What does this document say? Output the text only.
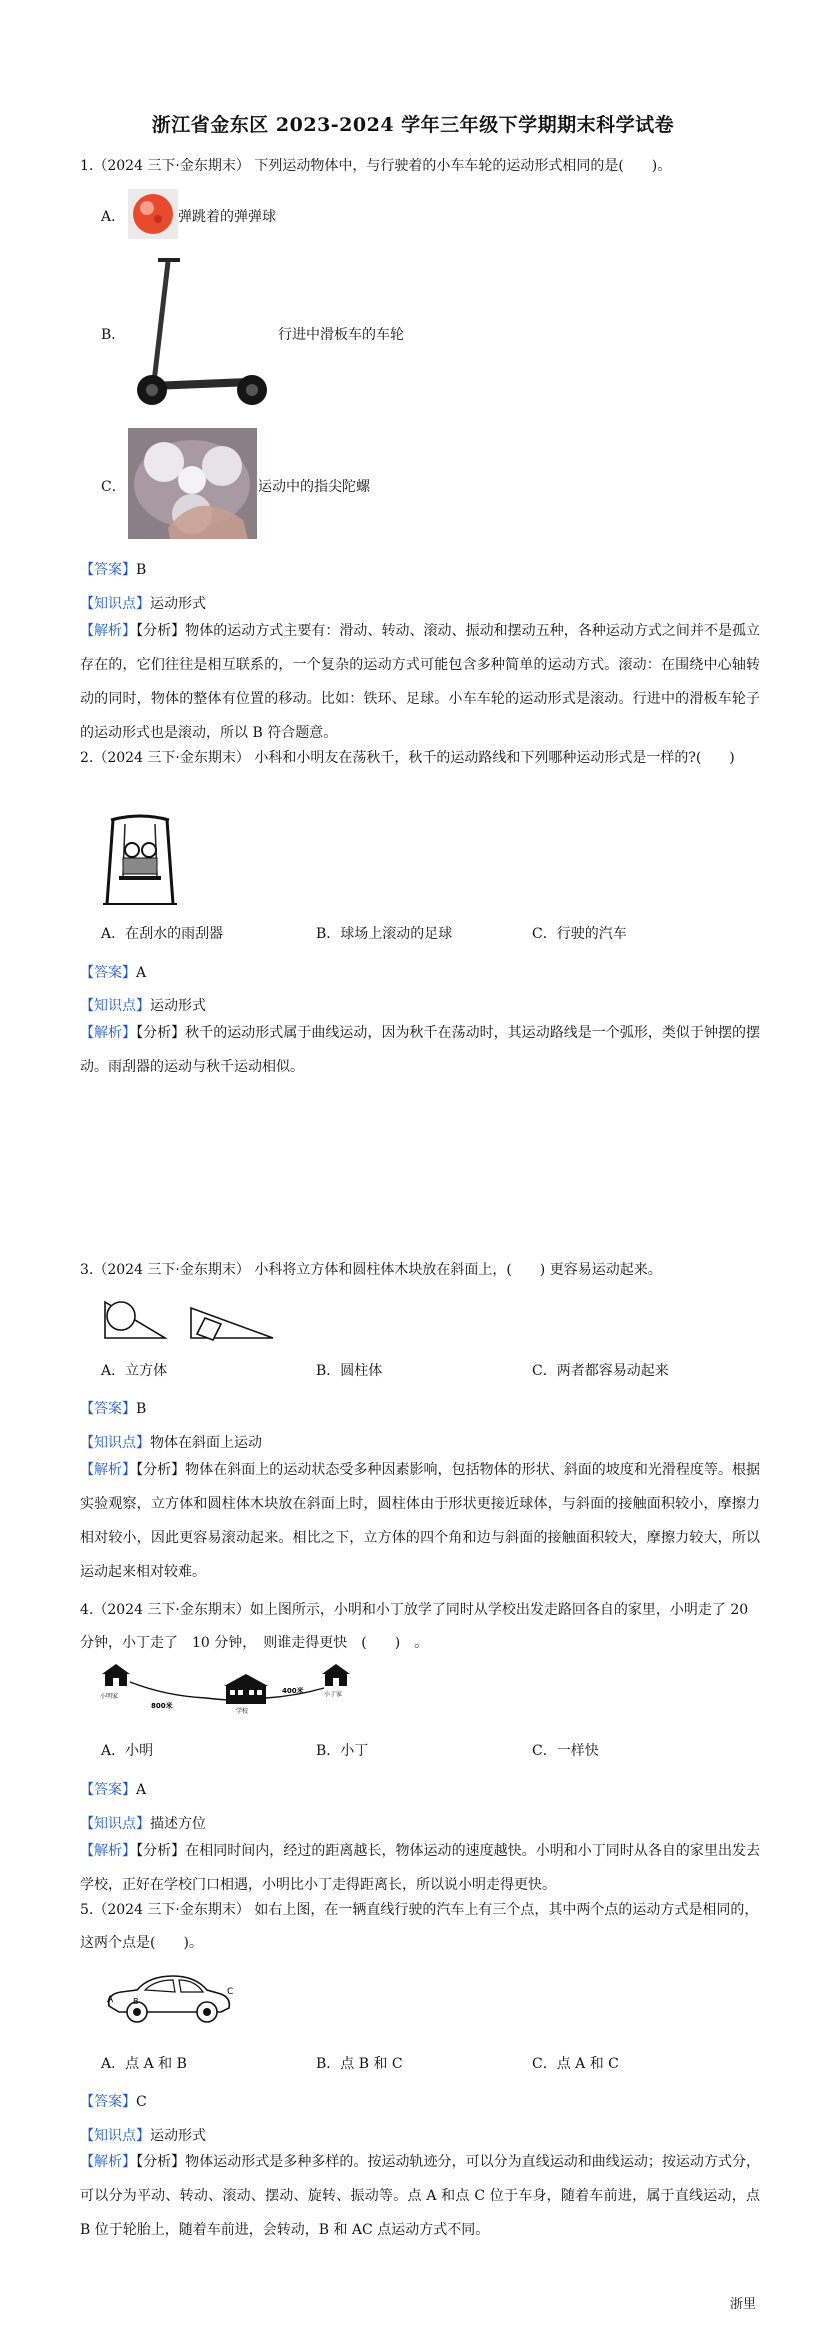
浙江省金东区 2023-2024 学年三年级下学期期末科学试卷
1.（2024 三下·金东期末） 下列运动物体中，与行驶着的小车车轮的运动形式相同的是(　　)。
A．	弹跳着的弹弹球
B．	行进中滑板车的车轮
C．	运动中的指尖陀螺
【答案】B
【知识点】运动形式
【解析】【分析】物体的运动方式主要有：滑动、转动、滚动、振动和摆动五种，各种运动方式之间并不是孤立存在的，它们往往是相互联系的，一个复杂的运动方式可能包含多种简单的运动方式。滚动：在围绕中心轴转动的同时，物体的整体有位置的移动。比如：铁环、足球。小车车轮的运动形式是滚动。行进中的滑板车轮子的运动形式也是滚动，所以 B 符合题意。
2.（2024 三下·金东期末） 小科和小明友在荡秋千，秋千的运动路线和下列哪种运动形式是一样的?(　　)
A．在刮水的雨刮器	B．球场上滚动的足球	C．行驶的汽车
【答案】A
【知识点】运动形式
【解析】【分析】秋千的运动形式属于曲线运动，因为秋千在荡动时，其运动路线是一个弧形，类似于钟摆的摆动。雨刮器的运动与秋千运动相似。
3.（2024 三下·金东期末） 小科将立方体和圆柱体木块放在斜面上，(　　) 更容易运动起来。
A．立方体	B．圆柱体	C．两者都容易动起来
【答案】B
【知识点】物体在斜面上运动
【解析】【分析】物体在斜面上的运动状态受多种因素影响，包括物体的形状、斜面的坡度和光滑程度等。根据实验观察，立方体和圆柱体木块放在斜面上时，圆柱体由于形状更接近球体，与斜面的接触面积较小，摩擦力相对较小，因此更容易滚动起来。相比之下，立方体的四个角和边与斜面的接触面积较大，摩擦力较大，所以运动起来相对较难。
4.（2024 三下·金东期末）如上图所示，小明和小丁放学了同时从学校出发走路回各自的家里，小明走了 20 分钟，小丁走了　10 分钟，　则谁走得更快　(　　)　。
小明家
800米
学校
400米	小丁家
A．小明	B．小丁	C．一样快
【答案】A
【知识点】描述方位
【解析】【分析】在相同时间内，经过的距离越长，物体运动的速度越快。小明和小丁同时从各自的家里出发去学校，正好在学校门口相遇，小明比小丁走得距离长，所以说小明走得更快。
5.（2024 三下·金东期末） 如右上图，在一辆直线行驶的汽车上有三个点，其中两个点的运动方式是相同的，这两个点是(　　)。
A B
C
A．点 A 和 B	B．点 B 和 C	C．点 A 和 C
【答案】C
【知识点】运动形式
【解析】【分析】物体运动形式是多种多样的。按运动轨迹分，可以分为直线运动和曲线运动；按运动方式分，可以分为平动、转动、滚动、摆动、旋转、振动等。点 A 和点 C 位于车身，随着车前进，属于直线运动，点 B 位于轮胎上，随着车前进，会转动，B 和 AC 点运动方式不同。
浙里
